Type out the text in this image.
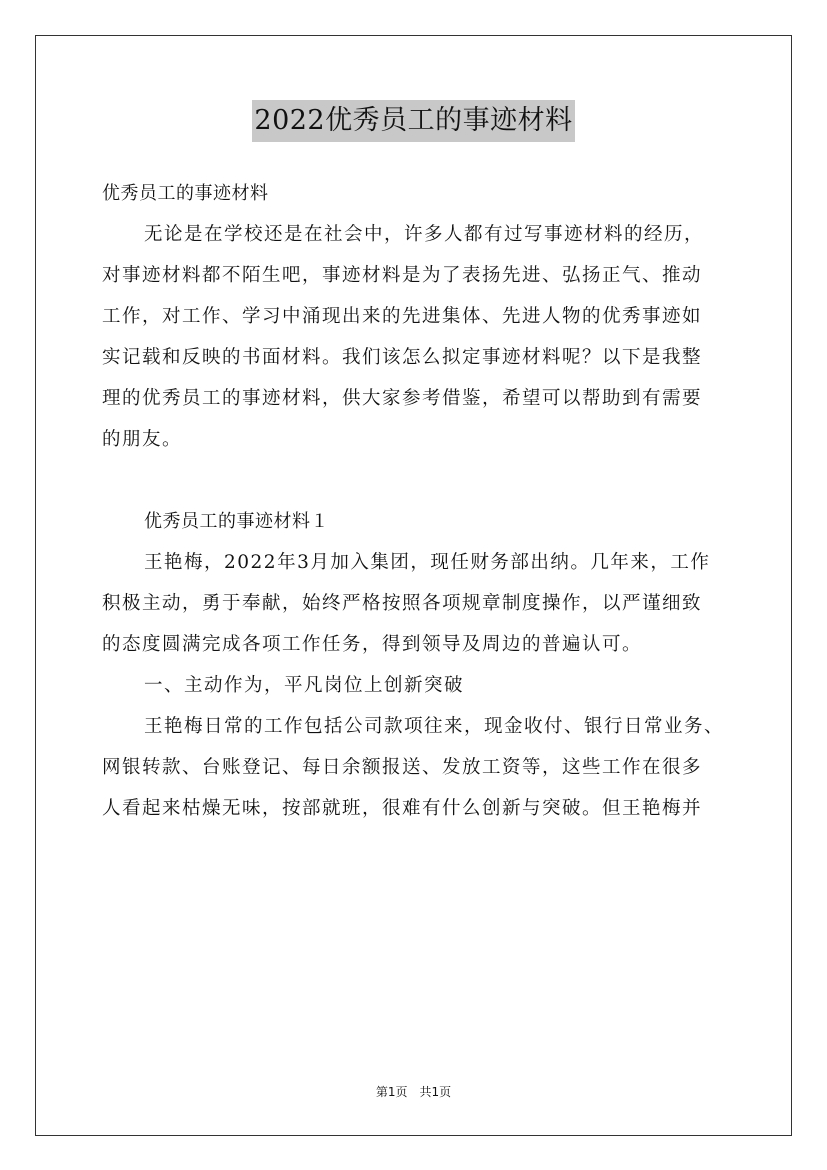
2022优秀员工的事迹材料
优秀员工的事迹材料
无论是在学校还是在社会中，许多人都有过写事迹材料的经历，
对事迹材料都不陌生吧，事迹材料是为了表扬先进、弘扬正气、推动
工作，对工作、学习中涌现出来的先进集体、先进人物的优秀事迹如
实记载和反映的书面材料。我们该怎么拟定事迹材料呢？以下是我整
理的优秀员工的事迹材料，供大家参考借鉴，希望可以帮助到有需要
的朋友。
优秀员工的事迹材料１
王艳梅，2022年3月加入集团，现任财务部出纳。几年来，工作
积极主动，勇于奉献，始终严格按照各项规章制度操作，以严谨细致
的态度圆满完成各项工作任务，得到领导及周边的普遍认可。
一、主动作为，平凡岗位上创新突破
王艳梅日常的工作包括公司款项往来，现金收付、银行日常业务、
网银转款、台账登记、每日余额报送、发放工资等，这些工作在很多
人看起来枯燥无味，按部就班，很难有什么创新与突破。但王艳梅并
第1页　共1页
